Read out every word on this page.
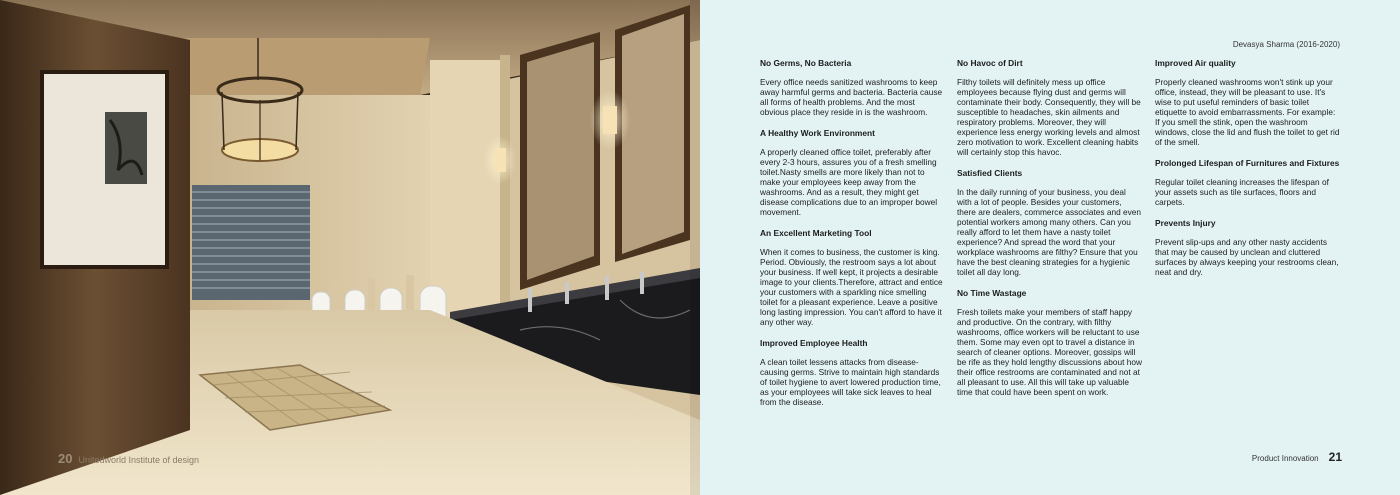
20 Unitedworld Institute of design
Devasya Sharma (2016-2020)
No Germs, No Bacteria

Every office needs sanitized washrooms to keep away harmful germs and bacteria. Bacteria cause all forms of health problems. And the most obvious place they reside in is the washroom.

A Healthy Work Environment

A properly cleaned office toilet, preferably after every 2-3 hours, assures you of a fresh smelling toilet.Nasty smells are more likely than not to make your employees keep away from the washrooms. And as a result, they might get disease complications due to an improper bowel movement.

An Excellent Marketing Tool

When it comes to business, the customer is king. Period. Obviously, the restroom says a lot about your business. If well kept, it projects a desirable image to your clients.Therefore, attract and entice your customers with a sparkling nice smelling toilet for a pleasant experience. Leave a positive long lasting impression. You can't afford to have it any other way.

Improved Employee Health

A clean toilet lessens attacks from disease-causing germs. Strive to maintain high standards of toilet hygiene to avert lowered production time, as your employees will take sick leaves to heal from the disease.

No Havoc of Dirt

Filthy toilets will definitely mess up office employees because flying dust and germs will contaminate their body. Consequently, they will be susceptible to headaches, skin ailments and respiratory problems. Moreover, they will experience less energy working levels and almost zero motivation to work. Excellent cleaning habits will certainly stop this havoc.

Satisfied Clients

In the daily running of your business, you deal with a lot of people. Besides your customers, there are dealers, commerce associates and even potential workers among many others. Can you really afford to let them have a nasty toilet experience? And spread the word that your workplace washrooms are filthy? Ensure that you have the best cleaning strategies for a hygienic toilet all day long.

No Time Wastage

Fresh toilets make your members of staff happy and productive. On the contrary, with filthy washrooms, office workers will be reluctant to use them. Some may even opt to travel a distance in search of cleaner options. Moreover, gossips will be rife as they hold lengthy discussions about how their office restrooms are contaminated and not at all pleasant to use. All this will take up valuable time that could have been spent on work.

Improved Air quality

Properly cleaned washrooms won't stink up your office, instead, they will be pleasant to use. It's wise to put useful reminders of basic toilet etiquette to avoid embarrassments. For example: If you smell the stink, open the washroom windows, close the lid and flush the toilet to get rid of the smell.

Prolonged Lifespan of Furnitures and Fixtures

Regular toilet cleaning increases the lifespan of your assets such as tile surfaces, floors and carpets.

Prevents Injury

Prevent slip-ups and any other nasty accidents that may be caused by unclean and cluttered surfaces by always keeping your restrooms clean, neat and dry.

Product Innovation 21
